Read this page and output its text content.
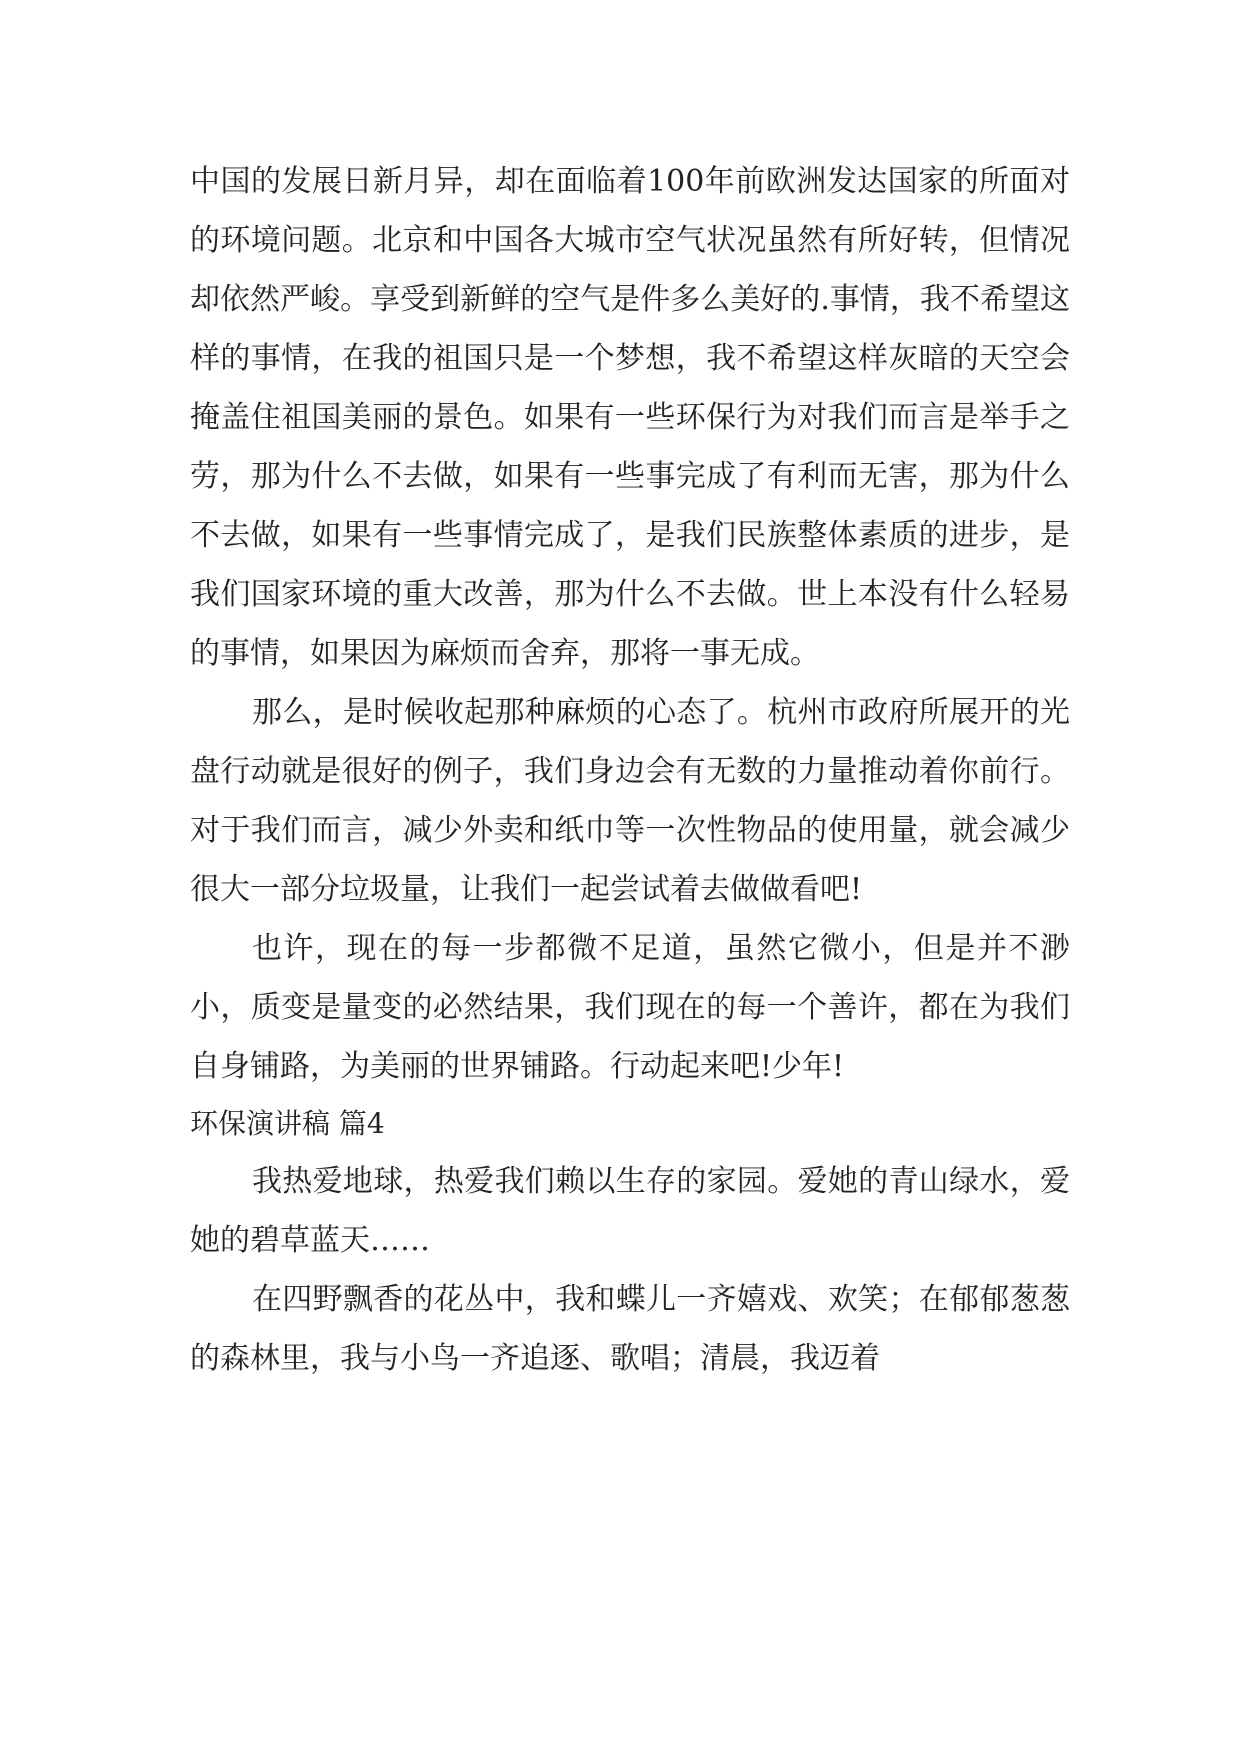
中国的发展日新月异，却在面临着100年前欧洲发达国家的所面对的环境问题。北京和中国各大城市空气状况虽然有所好转，但情况却依然严峻。享受到新鲜的空气是件多么美好的.事情，我不希望这样的事情，在我的祖国只是一个梦想，我不希望这样灰暗的天空会掩盖住祖国美丽的景色。如果有一些环保行为对我们而言是举手之劳，那为什么不去做，如果有一些事完成了有利而无害，那为什么不去做，如果有一些事情完成了，是我们民族整体素质的进步，是我们国家环境的重大改善，那为什么不去做。世上本没有什么轻易的事情，如果因为麻烦而舍弃，那将一事无成。

那么，是时候收起那种麻烦的心态了。杭州市政府所展开的光盘行动就是很好的例子，我们身边会有无数的力量推动着你前行。对于我们而言，减少外卖和纸巾等一次性物品的使用量，就会减少很大一部分垃圾量，让我们一起尝试着去做做看吧!

也许，现在的每一步都微不足道，虽然它微小，但是并不渺小，质变是量变的必然结果，我们现在的每一个善许，都在为我们自身铺路，为美丽的世界铺路。行动起来吧!少年!

环保演讲稿 篇4

我热爱地球，热爱我们赖以生存的家园。爱她的青山绿水，爱她的碧草蓝天……

在四野飘香的花丛中，我和蝶儿一齐嬉戏、欢笑；在郁郁葱葱的森林里，我与小鸟一齐追逐、歌唱；清晨，我迈着
